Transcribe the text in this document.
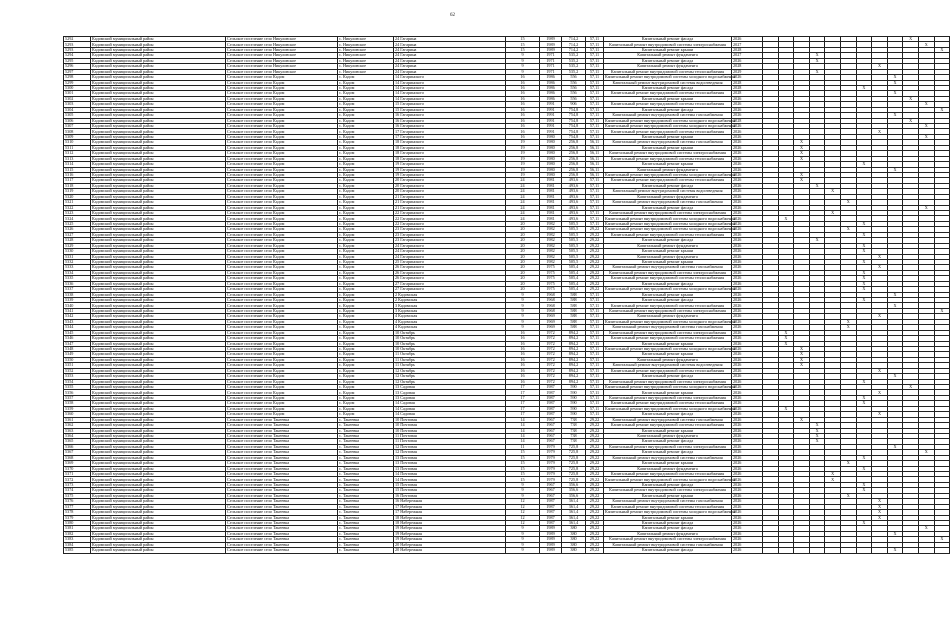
62
5292	Кадомский муниципальный район	Сельское поселение село Никуловское	с. Никуловское	24 Гагарина	15	1989	714,2	57,11	Капитальный ремонт фасада	2026										X		
5293	Кадомский муниципальный район	Сельское поселение село Никуловское	с. Никуловское	24 Гагарина	15	1989	714,2	57,11	Капитальный ремонт внутридомовой системы электроснабжения	2027											X	
5293	Кадомский муниципальный район	Сельское поселение село Никуловское	с. Никуловское	24 Гагарина	15	1989	714,2	57,11	Капитальный ремонт крыши	2028												X
5294	Кадомский муниципальный район	Сельское поселение село Никуловское	с. Никуловское	24 Гагарина	9	1971	535,2	57,11	Капитальный ремонт фундамента	2027				X								
5295	Кадомский муниципальный район	Сельское поселение село Никуловское	с. Никуловское	24 Гагарина	9	1971	535,2	57,11	Капитальный ремонт фасада	2026				X								
5296	Кадомский муниципальный район	Сельское поселение село Никуловское	с. Никуловское	24 Гагарина	9	1971	535,2	57,11	Капитальный ремонт фундамента	2028								X				
5297	Кадомский муниципальный район	Сельское поселение село Никуловское	с. Никуловское	24 Гагарина	9	1971	535,2	57,11	Капитальный ремонт внутридомовой системы теплоснабжения	2029				X								
5298	Кадомский муниципальный район	Сельское поселение село Кадом	с. Кадом	14 Гагаринского	16	1986	556	57,11	Капитальный ремонт внутридомовой системы холодного водоснабжения	2026									X			
5299	Кадомский муниципальный район	Сельское поселение село Кадом	с. Кадом	14 Гагаринского	16	1986	556	57,11	Капитальный ремонт внутридомовой системы водоотведения	2028									X			
5300	Кадомский муниципальный район	Сельское поселение село Кадом	с. Кадом	14 Гагаринского	16	1986	556	57,11	Капитальный ремонт фасада	2028							X					
5301	Кадомский муниципальный район	Сельское поселение село Кадом	с. Кадом	14 Гагаринского	16	1986	556	57,11	Капитальный ремонт внутридомовой системы теплоснабжения	2028									X			
5302	Кадомский муниципальный район	Сельское поселение село Кадом	с. Кадом	14 Гагаринского	16	1986	556	57,11	Капитальный ремонт крыши	2026										X		
5303	Кадомский муниципальный район	Сельское поселение село Кадом	с. Кадом	15 Гагаринского	16	1991	906	57,11	Капитальный ремонт внутридомовой системы теплоснабжения	2026											X	
5304	Кадомский муниципальный район	Сельское поселение село Кадом	с. Кадом	15 Гагаринского	16	1991	754,8	57,11	Капитальный ремонт фасада	2026												X
5305	Кадомский муниципальный район	Сельское поселение село Кадом	с. Кадом	16 Гагаринского	16	1991	754,8	57,11	Капитальный ремонт внутридомовой системы газоснабжения	2026									X			
5306	Кадомский муниципальный район	Сельское поселение село Кадом	с. Кадом	16 Гагаринского	16	1991	754,8	57,11	Капитальный ремонт внутридомовой системы холодного водоснабжения	2028										X		
5307	Кадомский муниципальный район	Сельское поселение село Кадом	с. Кадом	16 Гагаринского	16	1991	754,8	57,11	Капитальный ремонт внутридомовой системы холодного водоснабжения	2026											X	
5308	Кадомский муниципальный район	Сельское поселение село Кадом	с. Кадом	17 Гагаринского	16	1991	754,8	57,11	Капитальный ремонт внутридомовой системы теплоснабжения	2026								X				
5309	Кадомский муниципальный район	Сельское поселение село Кадом	с. Кадом	17 Гагаринского	16	1980	754,8	57,11	Капитальный ремонт крыши	2026											X	
5310	Кадомский муниципальный район	Сельское поселение село Кадом	с. Кадом	18 Гагаринского	19	1980	256,8	56,11	Капитальный ремонт внутридомовой системы газоснабжения	2026			X									
5311	Кадомский муниципальный район	Сельское поселение село Кадом	с. Кадом	18 Гагаринского	19	1980	256,8	56,11	Капитальный ремонт крыши	2026			X									
5312	Кадомский муниципальный район	Сельское поселение село Кадом	с. Кадом	18 Гагаринского	19	1980	256,8	56,11	Капитальный ремонт внутридомовой системы электроснабжения	2026			X									
5313	Кадомский муниципальный район	Сельское поселение село Кадом	с. Кадом	18 Гагаринского	19	1980	256,8	56,11	Капитальный ремонт внутридомовой системы теплоснабжения	2026			X									
5314	Кадомский муниципальный район	Сельское поселение село Кадом	с. Кадом	19 Гагаринского	19	1980	256,8	56,11	Капитальный ремонт крыши	2026							X					
5315	Кадомский муниципальный район	Сельское поселение село Кадом	с. Кадом	19 Гагаринского	19	1980	256,8	56,11	Капитальный ремонт фундамента	2026									X			
5316	Кадомский муниципальный район	Сельское поселение село Кадом	с. Кадом	19 Гагаринского	19	1980	256,8	56,11	Капитальный ремонт внутридомовой системы холодного водоснабжения	2026			X									
5317	Кадомский муниципальный район	Сельское поселение село Кадом	с. Кадом	20 Гагаринского	24	1981	493,6	57,11	Капитальный ремонт внутридомовой системы теплоснабжения	2026			X									
5318	Кадомский муниципальный район	Сельское поселение село Кадом	с. Кадом	20 Гагаринского	24	1981	493,6	57,11	Капитальный ремонт фасада	2026				X								
5319	Кадомский муниципальный район	Сельское поселение село Кадом	с. Кадом	20 Гагаринского	24	1981	493,6	57,11	Капитальный ремонт внутридомовой системы водоотведения	2026					X							
5320	Кадомский муниципальный район	Сельское поселение село Кадом	с. Кадом	21 Гагаринского	24	1981	493,6	57,11	Капитальный ремонт фундамента	2026												
5321	Кадомский муниципальный район	Сельское поселение село Кадом	с. Кадом	21 Гагаринского	24	1981	493,6	57,11	Капитальный ремонт внутридомовой системы газоснабжения	2026						X						
5322	Кадомский муниципальный район	Сельское поселение село Кадом	с. Кадом	21 Гагаринского	24	1981	493,6	57,11	Капитальный ремонт фасада	2026											X	
5323	Кадомский муниципальный район	Сельское поселение село Кадом	с. Кадом	22 Гагаринского	24	1981	493,6	57,11	Капитальный ремонт внутридомовой системы электроснабжения	2026					X							
5324	Кадомский муниципальный район	Сельское поселение село Кадом	с. Кадом	22 Гагаринского	24	1981	493,6	57,11	Капитальный ремонт внутридомовой системы холодного водоснабжения	2026		X										
5325	Кадомский муниципальный район	Сельское поселение село Кадом	с. Кадом	22 Гагаринского	20	1982	505,5	57,11	Капитальный ремонт внутридомовой системы холодного водоснабжения	2026							X					
5326	Кадомский муниципальный район	Сельское поселение село Кадом	с. Кадом	23 Гагаринского	20	1982	505,5	29,22	Капитальный ремонт внутридомовой системы холодного водоснабжения	2026						X						
5327	Кадомский муниципальный район	Сельское поселение село Кадом	с. Кадом	23 Гагаринского	20	1982	505,5	29,22	Капитальный ремонт внутридомовой системы теплоснабжения	2026							X					
5328	Кадомский муниципальный район	Сельское поселение село Кадом	с. Кадом	23 Гагаринского	20	1982	505,5	29,22	Капитальный ремонт фасада	2026				X								
5329	Кадомский муниципальный район	Сельское поселение село Кадом	с. Кадом	24 Гагаринского	20	1982	505,5	29,22	Капитальный ремонт фундамента	2026							X					
5330	Кадомский муниципальный район	Сельское поселение село Кадом	с. Кадом	24 Гагаринского	20	1982	505,5	29,22	Капитальный ремонт крыши	2026							X					
5331	Кадомский муниципальный район	Сельское поселение село Кадом	с. Кадом	24 Гагаринского	20	1982	505,5	29,22	Капитальный ремонт фундамента	2026								X				
5332	Кадомский муниципальный район	Сельское поселение село Кадом	с. Кадом	25 Гагаринского	20	1982	505,5	29,22	Капитальный ремонт крыши	2026							X					
5333	Кадомский муниципальный район	Сельское поселение село Кадом	с. Кадом	26 Гагаринского	20	1975	505,4	29,22	Капитальный ремонт внутридомовой системы газоснабжения	2026								X				
5334	Кадомский муниципальный район	Сельское поселение село Кадом	с. Кадом	26 Гагаринского	20	1975	505,4	29,22	Капитальный ремонт внутридомовой системы электроснабжения	2026							X					
5335	Кадомский муниципальный район	Сельское поселение село Кадом	с. Кадом	26 Гагаринского	20	1975	505,4	29,22	Капитальный ремонт внутридомовой системы теплоснабжения	2026							X					
5336	Кадомский муниципальный район	Сельское поселение село Кадом	с. Кадом	27 Гагаринского	20	1975	505,4	29,22	Капитальный ремонт фасада	2026							X					
5337	Кадомский муниципальный район	Сельское поселение село Кадом	с. Кадом	27 Гагаринского	20	1975	505,4	29,22	Капитальный ремонт внутридомовой системы холодного водоснабжения	2026							X					
5338	Кадомский муниципальный район	Сельское поселение село Кадом	с. Кадом	2 Кадомская	9	1968	588	57,11	Капитальный ремонт крыши	2026									X			
5339	Кадомский муниципальный район	Сельское поселение село Кадом	с. Кадом	2 Кадомская	9	1968	588	57,11	Капитальный ремонт фасада	2026							X					
5340	Кадомский муниципальный район	Сельское поселение село Кадом	с. Кадом	3 Кадомская	9	1968	588	57,11	Капитальный ремонт внутридомовой системы теплоснабжения	2026									X			
5341	Кадомский муниципальный район	Сельское поселение село Кадом	с. Кадом	3 Кадомская	9	1968	588	57,11	Капитальный ремонт внутридомовой системы электроснабжения	2026												X
5342	Кадомский муниципальный район	Сельское поселение село Кадом	с. Кадом	4 Кадомская	9	1969	588	57,11	Капитальный ремонт фундамента	2026								X				
5343	Кадомский муниципальный район	Сельское поселение село Кадом	с. Кадом	4 Кадомская	9	1969	588	57,11	Капитальный ремонт внутридомовой системы холодного водоснабжения	2026						X						
5344	Кадомский муниципальный район	Сельское поселение село Кадом	с. Кадом	4 Кадомская	9	1969	588	57,11	Капитальный ремонт внутридомовой системы газоснабжения	2026						X						
5345	Кадомский муниципальный район	Сельское поселение село Кадом	с. Кадом	10 Октябрь	16	1972	894,2	57,11	Капитальный ремонт внутридомовой системы электроснабжения	2026		X										
5346	Кадомский муниципальный район	Сельское поселение село Кадом	с. Кадом	10 Октябрь	16	1972	894,2	57,11	Капитальный ремонт внутридомовой системы теплоснабжения	2026		X										
5347	Кадомский муниципальный район	Сельское поселение село Кадом	с. Кадом	10 Октябрь	16	1972	894,2	57,11	Капитальный ремонт крыши	2026		X										
5348	Кадомский муниципальный район	Сельское поселение село Кадом	с. Кадом	10 Октябрь	16	1972	894,2	57,11	Капитальный ремонт внутридомовой системы холодного водоснабжения	2026			X									
5349	Кадомский муниципальный район	Сельское поселение село Кадом	с. Кадом	11 Октябрь	16	1972	894,2	57,11	Капитальный ремонт крыши	2026			X									
5350	Кадомский муниципальный район	Сельское поселение село Кадом	с. Кадом	11 Октябрь	16	1972	894,2	57,11	Капитальный ремонт фундамента	2026			X									
5351	Кадомский муниципальный район	Сельское поселение село Кадом	с. Кадом	11 Октябрь	16	1972	894,2	57,11	Капитальный ремонт внутридомовой системы водоотведения	2026			X									
5352	Кадомский муниципальный район	Сельское поселение село Кадом	с. Кадом	12 Октябрь	16	1972	894,2	57,11	Капитальный ремонт внутридомовой системы теплоснабжения	2026								X				
5353	Кадомский муниципальный район	Сельское поселение село Кадом	с. Кадом	12 Октябрь	16	1972	894,2	57,11	Капитальный ремонт фасада	2026									X			
5354	Кадомский муниципальный район	Сельское поселение село Кадом	с. Кадом	12 Октябрь	16	1972	894,2	57,11	Капитальный ремонт внутридомовой системы электроснабжения	2026							X					
5355	Кадомский муниципальный район	Сельское поселение село Кадом	с. Кадом	13 Садовая	17	1987	590	57,11	Капитальный ремонт внутридомовой системы холодного водоснабжения	2026										X		
5356	Кадомский муниципальный район	Сельское поселение село Кадом	с. Кадом	13 Садовая	17	1987	590	57,11	Капитальный ремонт крыши	2026								X				
5357	Кадомский муниципальный район	Сельское поселение село Кадом	с. Кадом	13 Садовая	17	1987	590	57,11	Капитальный ремонт внутридомовой системы электроснабжения	2026							X					
5358	Кадомский муниципальный район	Сельское поселение село Кадом	с. Кадом	14 Садовая	17	1987	590	57,11	Капитальный ремонт внутридомовой системы теплоснабжения	2026							X					
5359	Кадомский муниципальный район	Сельское поселение село Кадом	с. Кадом	14 Садовая	17	1987	590	57,11	Капитальный ремонт внутридомовой системы холодного водоснабжения	2026		X										
5360	Кадомский муниципальный район	Сельское поселение село Кадом	с. Кадом	14 Садовая	17	1987	590	57,11	Капитальный ремонт фасада	2026								X				
5361	Кадомский муниципальный район	Сельское поселение село Танеевка	с. Танеевка	10 Почтовая	14	1967	738	29,22	Капитальный ремонт внутридомовой системы газоснабжения	2026			X									
5362	Кадомский муниципальный район	Сельское поселение село Танеевка	с. Танеевка	10 Почтовая	14	1967	738	29,22	Капитальный ремонт внутридомовой системы теплоснабжения	2026				X								
5363	Кадомский муниципальный район	Сельское поселение село Танеевка	с. Танеевка	10 Почтовая	14	1967	738	29,22	Капитальный ремонт крыши	2026				X								
5364	Кадомский муниципальный район	Сельское поселение село Танеевка	с. Танеевка	11 Почтовая	14	1967	738	29,22	Капитальный ремонт фундамента	2026				X								
5365	Кадомский муниципальный район	Сельское поселение село Танеевка	с. Танеевка	11 Почтовая	14	1967	738	29,22	Капитальный ремонт фасада	2026				X								
5366	Кадомский муниципальный район	Сельское поселение село Танеевка	с. Танеевка	12 Почтовая	11	1979	725,8	29,22	Капитальный ремонт внутридомовой системы электроснабжения	2026									X			
5367	Кадомский муниципальный район	Сельское поселение село Танеевка	с. Танеевка	12 Почтовая	15	1979	725,8	29,22	Капитальный ремонт фасада	2026											X	
5368	Кадомский муниципальный район	Сельское поселение село Танеевка	с. Танеевка	13 Почтовая	15	1979	725,8	29,22	Капитальный ремонт внутридомовой системы газоснабжения	2026							X					
5369	Кадомский муниципальный район	Сельское поселение село Танеевка	с. Танеевка	13 Почтовая	15	1979	725,8	29,22	Капитальный ремонт крыши	2026						X						
5370	Кадомский муниципальный район	Сельское поселение село Танеевка	с. Танеевка	13 Почтовая	15	1979	725,8	29,22	Капитальный ремонт фундамента	2026							X					
5371	Кадомский муниципальный район	Сельское поселение село Танеевка	с. Танеевка	14 Почтовая	15	1979	725,8	29,22	Капитальный ремонт внутридомовой системы теплоснабжения	2026					X							
5372	Кадомский муниципальный район	Сельское поселение село Танеевка	с. Танеевка	14 Почтовая	15	1979	725,8	29,22	Капитальный ремонт внутридомовой системы холодного водоснабжения	2026					X							
5373	Кадомский муниципальный район	Сельское поселение село Танеевка	с. Танеевка	15 Почтовая	9	1967	356,6	29,22	Капитальный ремонт фасада	2026							X					
5374	Кадомский муниципальный район	Сельское поселение село Танеевка	с. Танеевка	15 Почтовая	9	1967	356,6	29,22	Капитальный ремонт внутридомовой системы электроснабжения	2026							X					
5375	Кадомский муниципальный район	Сельское поселение село Танеевка	с. Танеевка	16 Почтовая	9	1967	356,6	29,22	Капитальный ремонт крыши	2026						X						
5376	Кадомский муниципальный район	Сельское поселение село Танеевка	с. Танеевка	16 Набережная	12	1987	361,4	29,22	Капитальный ремонт внутридомовой системы газоснабжения	2026								X				
5377	Кадомский муниципальный район	Сельское поселение село Танеевка	с. Танеевка	17 Набережная	12	1987	361,4	29,22	Капитальный ремонт внутридомовой системы теплоснабжения	2026								X				
5378	Кадомский муниципальный район	Сельское поселение село Танеевка	с. Танеевка	17 Набережная	12	1987	361,4	29,22	Капитальный ремонт внутридомовой системы холодного водоснабжения	2026								X				
5379	Кадомский муниципальный район	Сельское поселение село Танеевка	с. Танеевка	18 Набережная	12	1987	361,4	29,22	Капитальный ремонт крыши	2026								X				
5380	Кадомский муниципальный район	Сельское поселение село Танеевка	с. Танеевка	18 Набережная	12	1987	361,4	29,22	Капитальный ремонт фасада	2026							X					
5381	Кадомский муниципальный район	Сельское поселение село Танеевка	с. Танеевка	19 Набережная	9	1989	380	29,22	Капитальный ремонт фасада	2026											X	
5382	Кадомский муниципальный район	Сельское поселение село Танеевка	с. Танеевка	19 Набережная	9	1989	380	29,22	Капитальный ремонт фундамента	2026									X			
5383	Кадомский муниципальный район	Сельское поселение село Танеевка	с. Танеевка	19 Набережная	9	1989	380	29,22	Капитальный ремонт внутридомовой системы электроснабжения	2026												X
5384	Кадомский муниципальный район	Сельское поселение село Танеевка	с. Танеевка	20 Набережная	9	1989	380	29,22	Капитальный ремонт внутридомовой системы газоснабжения	2026												
5385	Кадомский муниципальный район	Сельское поселение село Танеевка	с. Танеевка	20 Набережная	9	1989	380	29,22	Капитальный ремонт фасада	2026									X			
